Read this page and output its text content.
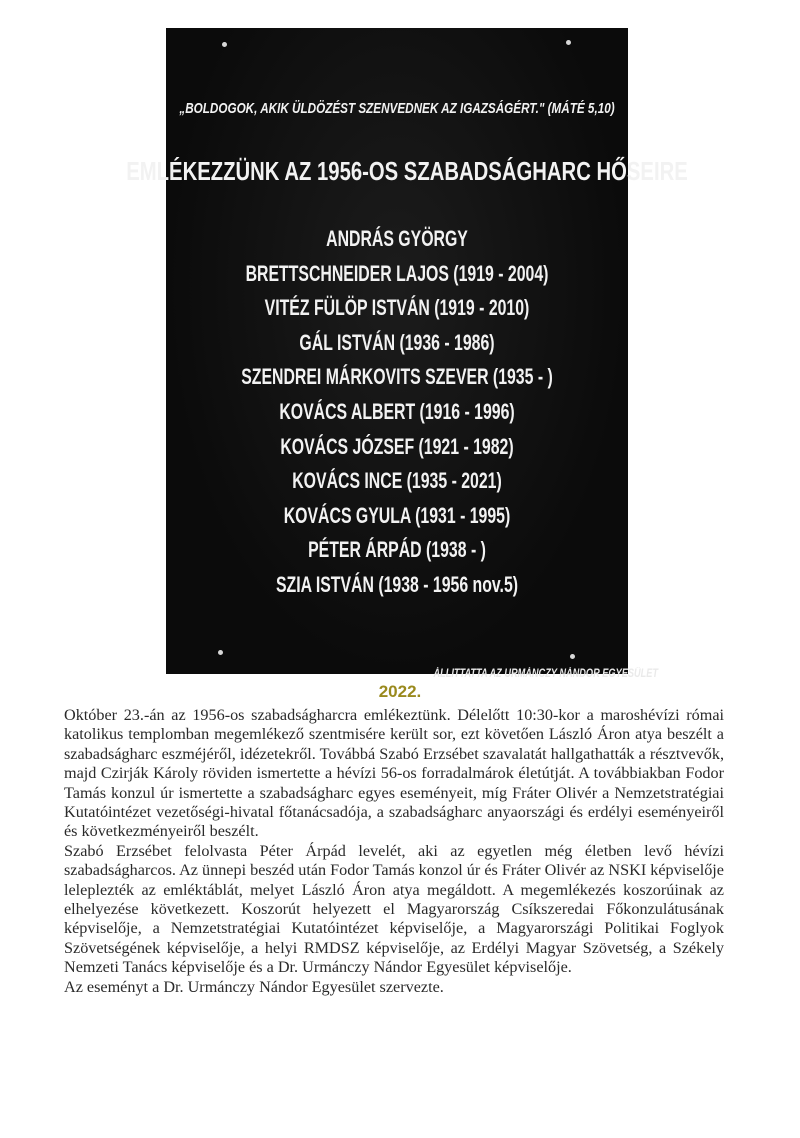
„BOLDOGOK, AKIK ÜLDÖZÉST SZENVEDNEK AZ IGAZSÁGÉRT." (MÁTÉ 5,10)
EMLÉKEZZÜNK AZ 1956-OS SZABADSÁGHARC HŐSEIRE
ANDRÁS GYÖRGY
BRETTSCHNEIDER LAJOS (1919 - 2004)
VITÉZ FÜLÖP ISTVÁN (1919 - 2010)
GÁL ISTVÁN (1936 - 1986)
SZENDREI MÁRKOVITS SZEVER (1935 - )
KOVÁCS ALBERT (1916 - 1996)
KOVÁCS JÓZSEF (1921 - 1982)
KOVÁCS INCE (1935 - 2021)
KOVÁCS GYULA (1931 - 1995)
PÉTER ÁRPÁD (1938 - )
SZIA ISTVÁN (1938 - 1956 nov.5)
ÁLLITTATTA AZ URMÁNCZY NÁNDOR EGYESÜLET
2022.

Október 23.-án az 1956-os szabadságharcra emlékeztünk. Délelőtt 10:30-kor a maroshévízi római katolikus templomban megemlékező szentmisére került sor, ezt követően László Áron atya beszélt a szabadságharc eszméjéről, idézetekről. Továbbá Szabó Erzsébet szavalatát hallgathatták a résztvevők, majd Czirják Károly röviden ismertette a hévízi 56-os forradalmárok életútját. A továbbiakban Fodor Tamás konzul úr ismertette a szabadságharc egyes eseményeit, míg Fráter Olivér a Nemzetstratégiai Kutatóintézet vezetőségi-hivatal főtanácsadója, a szabadságharc anyaországi és erdélyi eseményeiről és következményeiről beszélt.

Szabó Erzsébet felolvasta Péter Árpád levelét, aki az egyetlen még életben levő hévízi szabadságharcos. Az ünnepi beszéd után Fodor Tamás konzol úr és Fráter Olivér az NSKI képviselője leleplezték az emléktáblát, melyet László Áron atya megáldott. A megemlékezés koszorúinak az elhelyezése következett. Koszorút helyezett el Magyarország Csíkszeredai Főkonzulátusának képviselője, a Nemzetstratégiai Kutatóintézet képviselője, a Magyarországi Politikai Foglyok Szövetségének képviselője, a helyi RMDSZ képviselője, az Erdélyi Magyar Szövetség, a Székely Nemzeti Tanács képviselője és a Dr. Urmánczy Nándor Egyesület képviselője.

Az eseményt a Dr. Urmánczy Nándor Egyesület szervezte.
